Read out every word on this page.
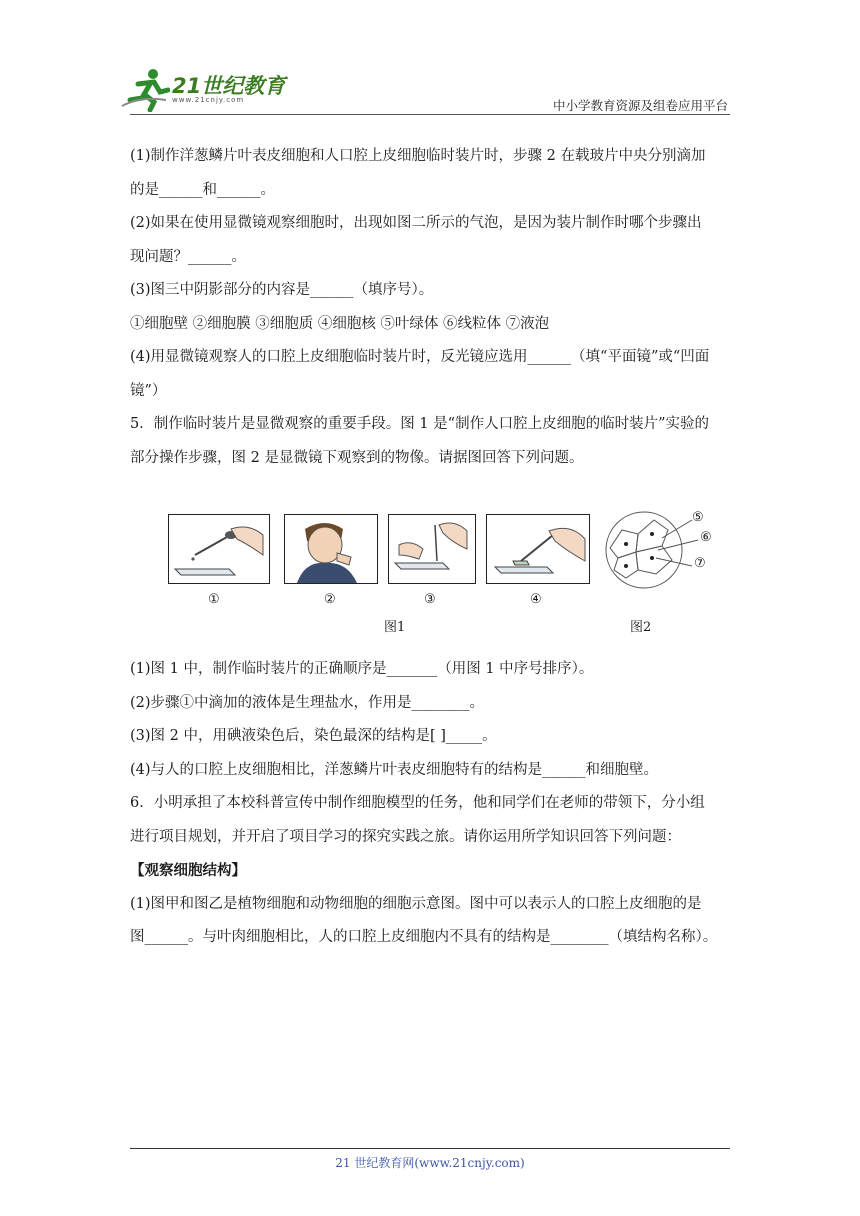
21世纪教育
www.21cnjy.com	中小学教育资源及组卷应用平台
(1)制作洋葱鳞片叶表皮细胞和人口腔上皮细胞临时装片时，步骤 2 在载玻片中央分别滴加
的是______和______。
(2)如果在使用显微镜观察细胞时，出现如图二所示的气泡，是因为装片制作时哪个步骤出
现问题？______。
(3)图三中阴影部分的内容是______（填序号）。
①细胞壁 ②细胞膜 ③细胞质 ④细胞核 ⑤叶绿体 ⑥线粒体 ⑦液泡
(4)用显微镜观察人的口腔上皮细胞临时装片时，反光镜应选用______（填“平面镜”或“凹面
镜”）
5．制作临时装片是显微观察的重要手段。图 1 是“制作人口腔上皮细胞的临时装片”实验的
部分操作步骤，图 2 是显微镜下观察到的物像。请据图回答下列问题。
⑤
⑥
⑦
①	②	③	④
图1	图2
(1)图 1 中，制作临时装片的正确顺序是_______（用图 1 中序号排序）。
(2)步骤①中滴加的液体是生理盐水，作用是________。
(3)图 2 中，用碘液染色后，染色最深的结构是[ ]_____。
(4)与人的口腔上皮细胞相比，洋葱鳞片叶表皮细胞特有的结构是______和细胞壁。
6．小明承担了本校科普宣传中制作细胞模型的任务，他和同学们在老师的带领下，分小组
进行项目规划，并开启了项目学习的探究实践之旅。请你运用所学知识回答下列问题：
【观察细胞结构】
(1)图甲和图乙是植物细胞和动物细胞的细胞示意图。图中可以表示人的口腔上皮细胞的是
图______。与叶肉细胞相比，人的口腔上皮细胞内不具有的结构是________（填结构名称）。
21 世纪教育网(www.21cnjy.com)
